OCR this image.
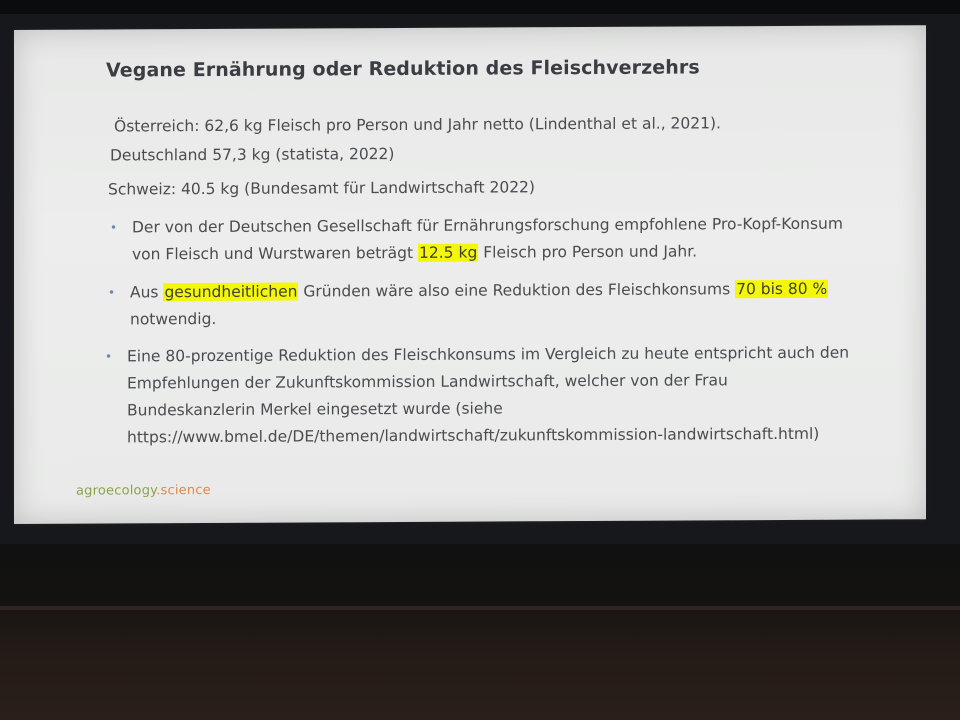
Vegane Ernährung oder Reduktion des Fleischverzehrs
Österreich: 62,6 kg Fleisch pro Person und Jahr netto (Lindenthal et al., 2021).
Deutschland 57,3 kg (statista, 2022)
Schweiz: 40.5 kg (Bundesamt für Landwirtschaft 2022)
• Der von der Deutschen Gesellschaft für Ernährungsforschung empfohlene Pro-Kopf-Konsum
von Fleisch und Wurstwaren beträgt 12.5 kg Fleisch pro Person und Jahr.
• Aus gesundheitlichen Gründen wäre also eine Reduktion des Fleischkonsums 70 bis 80 %
notwendig.
• Eine 80-prozentige Reduktion des Fleischkonsums im Vergleich zu heute entspricht auch den
Empfehlungen der Zukunftskommission Landwirtschaft, welcher von der Frau
Bundeskanzlerin Merkel eingesetzt wurde (siehe
https://www.bmel.de/DE/themen/landwirtschaft/zukunftskommission-landwirtschaft.html)
agroecology.science
